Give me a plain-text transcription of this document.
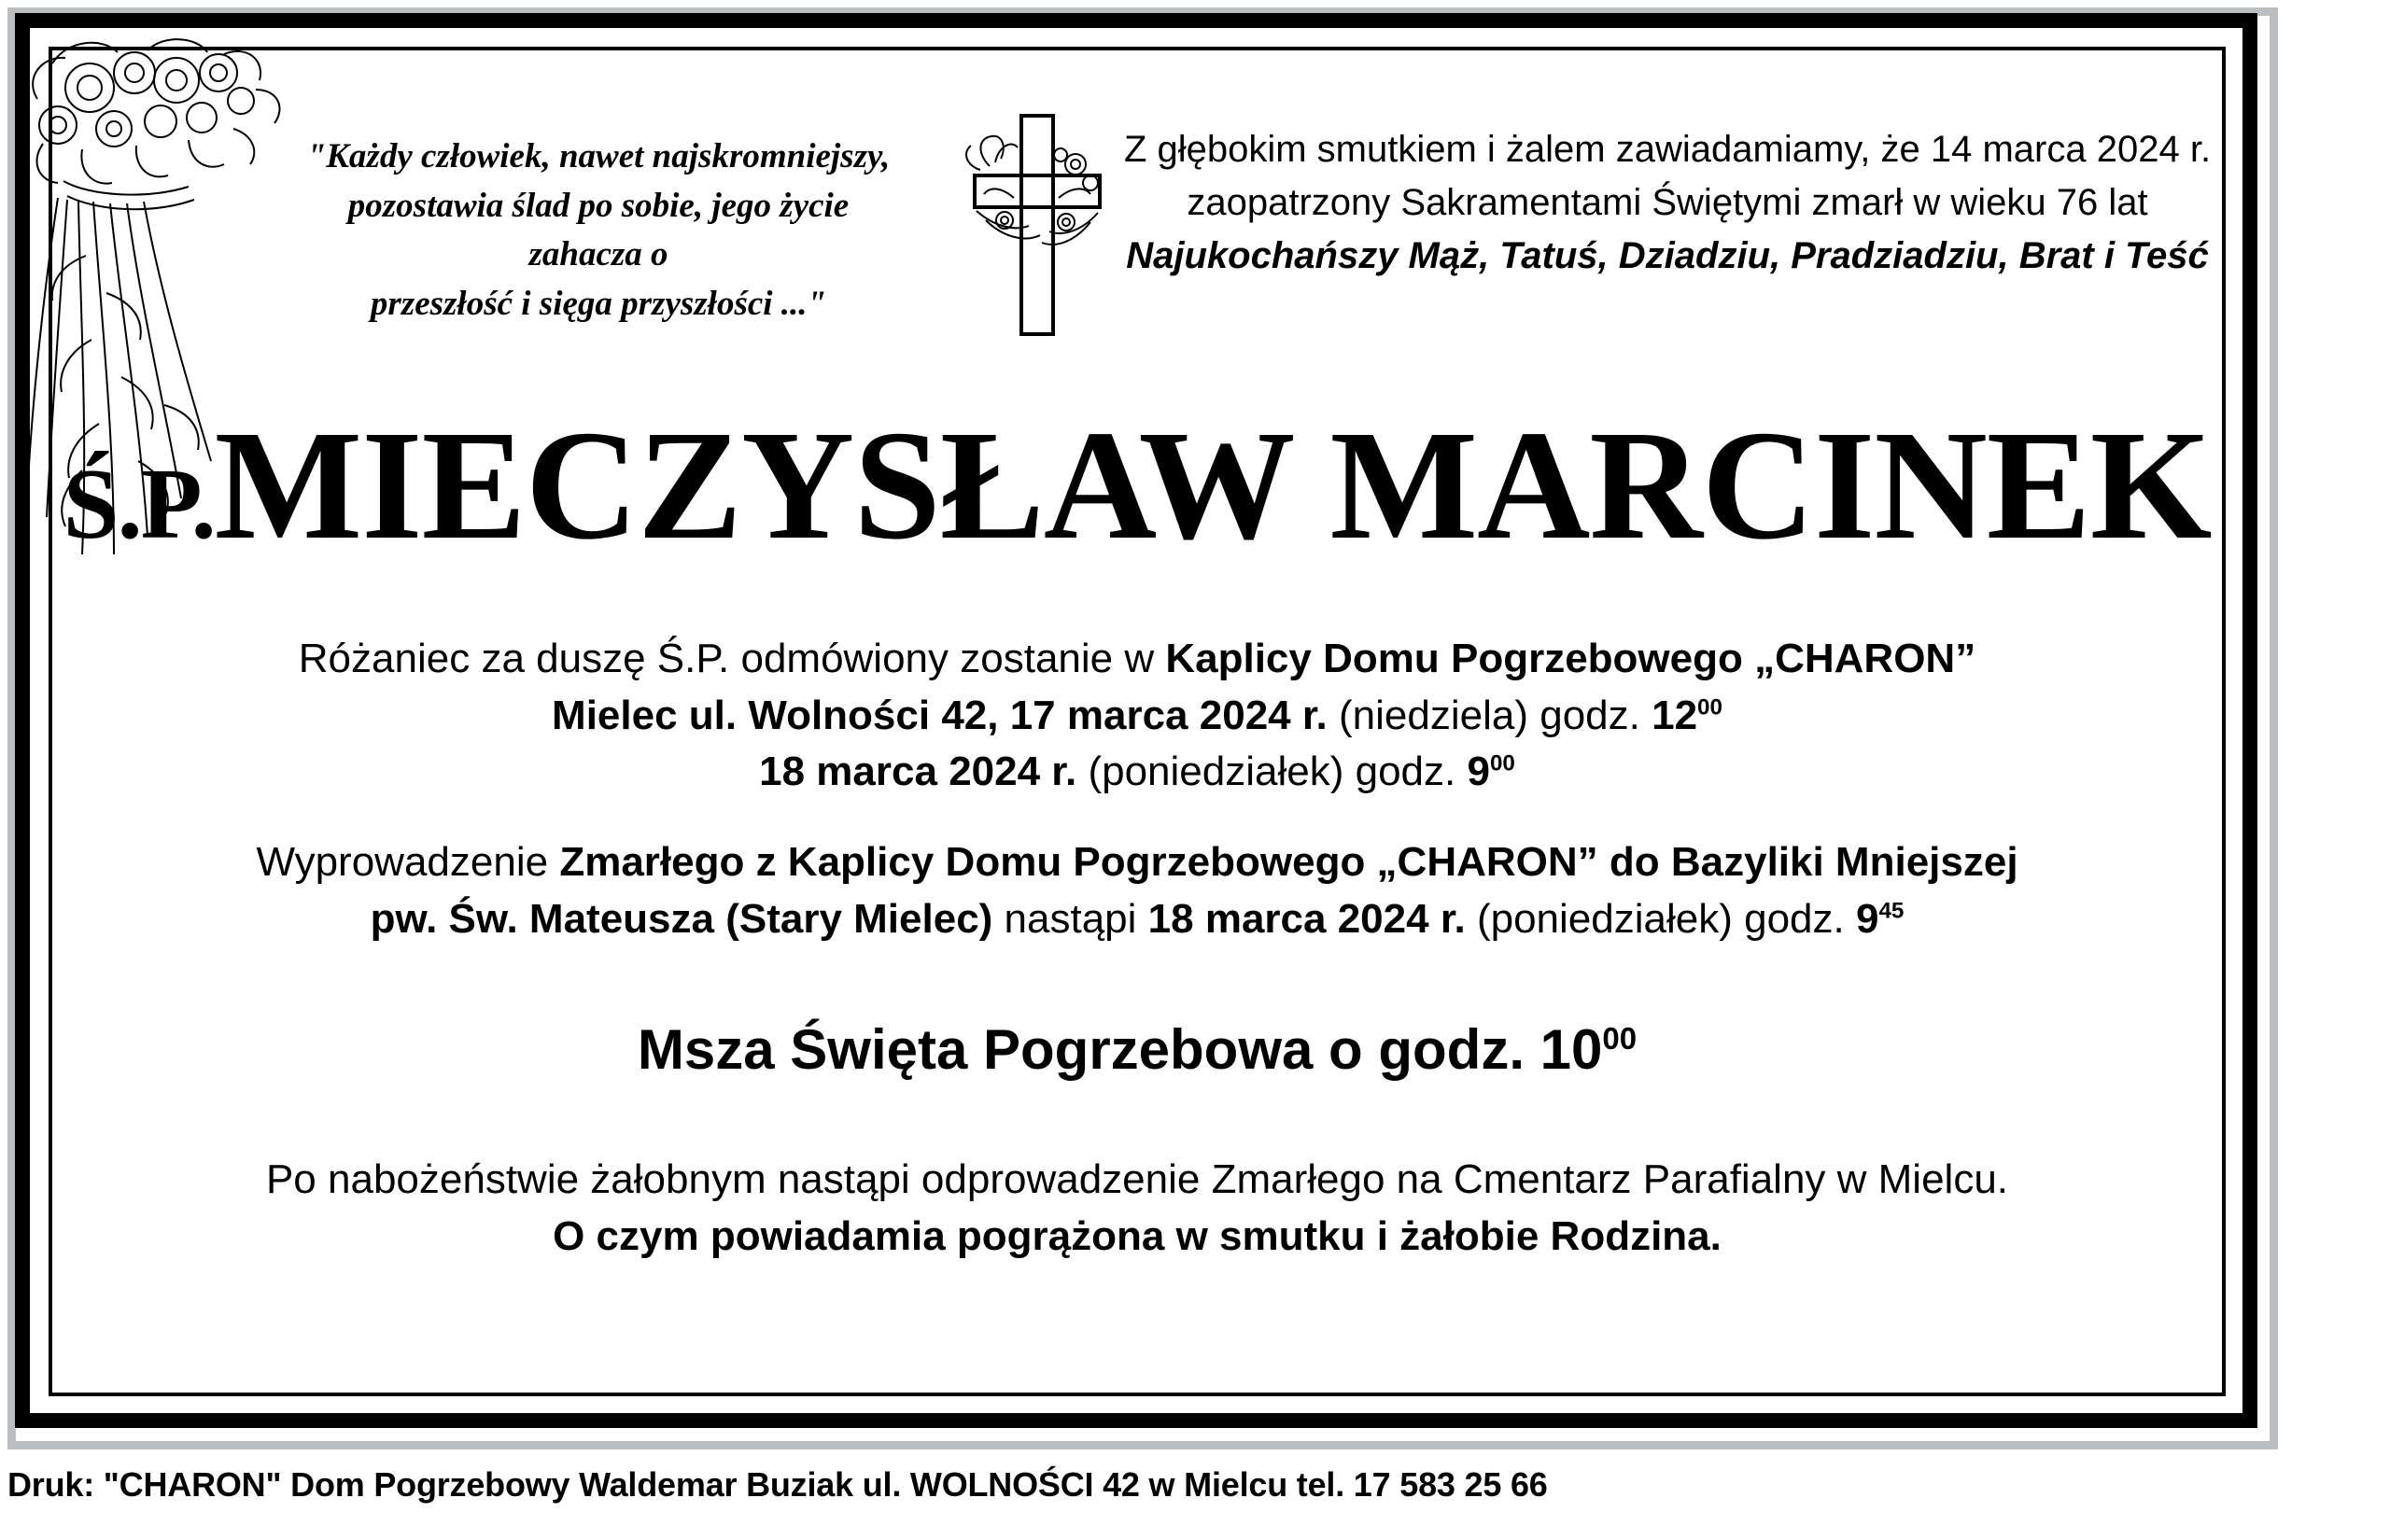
"Każdy człowiek, nawet najskromniejszy,
pozostawia ślad po sobie, jego życie zahacza o
przeszłość i sięga przyszłości ..."
Z głębokim smutkiem i żalem zawiadamiamy, że 14 marca 2024 r.
zaopatrzony Sakramentami Świętymi zmarł w wieku 76 lat
Najukochańszy Mąż, Tatuś, Dziadziu, Pradziadziu, Brat i Teść
Ś.P.MIECZYSŁAW MARCINEK
Różaniec za duszę Ś.P. odmówiony zostanie w Kaplicy Domu Pogrzebowego „CHARON”
Mielec ul. Wolności 42, 17 marca 2024 r. (niedziela) godz. $12^{00}$
18 marca 2024 r. (poniedziałek) godz. $9^{00}$
Wyprowadzenie Zmarłego z Kaplicy Domu Pogrzebowego „CHARON” do Bazyliki Mniejszej
pw. Św. Mateusza (Stary Mielec) nastąpi 18 marca 2024 r. (poniedziałek) godz. $9^{45}$
Msza Święta Pogrzebowa o godz. $10^{00}$
Po nabożeństwie żałobnym nastąpi odprowadzenie Zmarłego na Cmentarz Parafialny w Mielcu.
O czym powiadamia pogrążona w smutku i żałobie Rodzina.
Druk: "CHARON" Dom Pogrzebowy Waldemar Buziak ul. WOLNOŚCI 42 w Mielcu tel. 17 583 25 66
